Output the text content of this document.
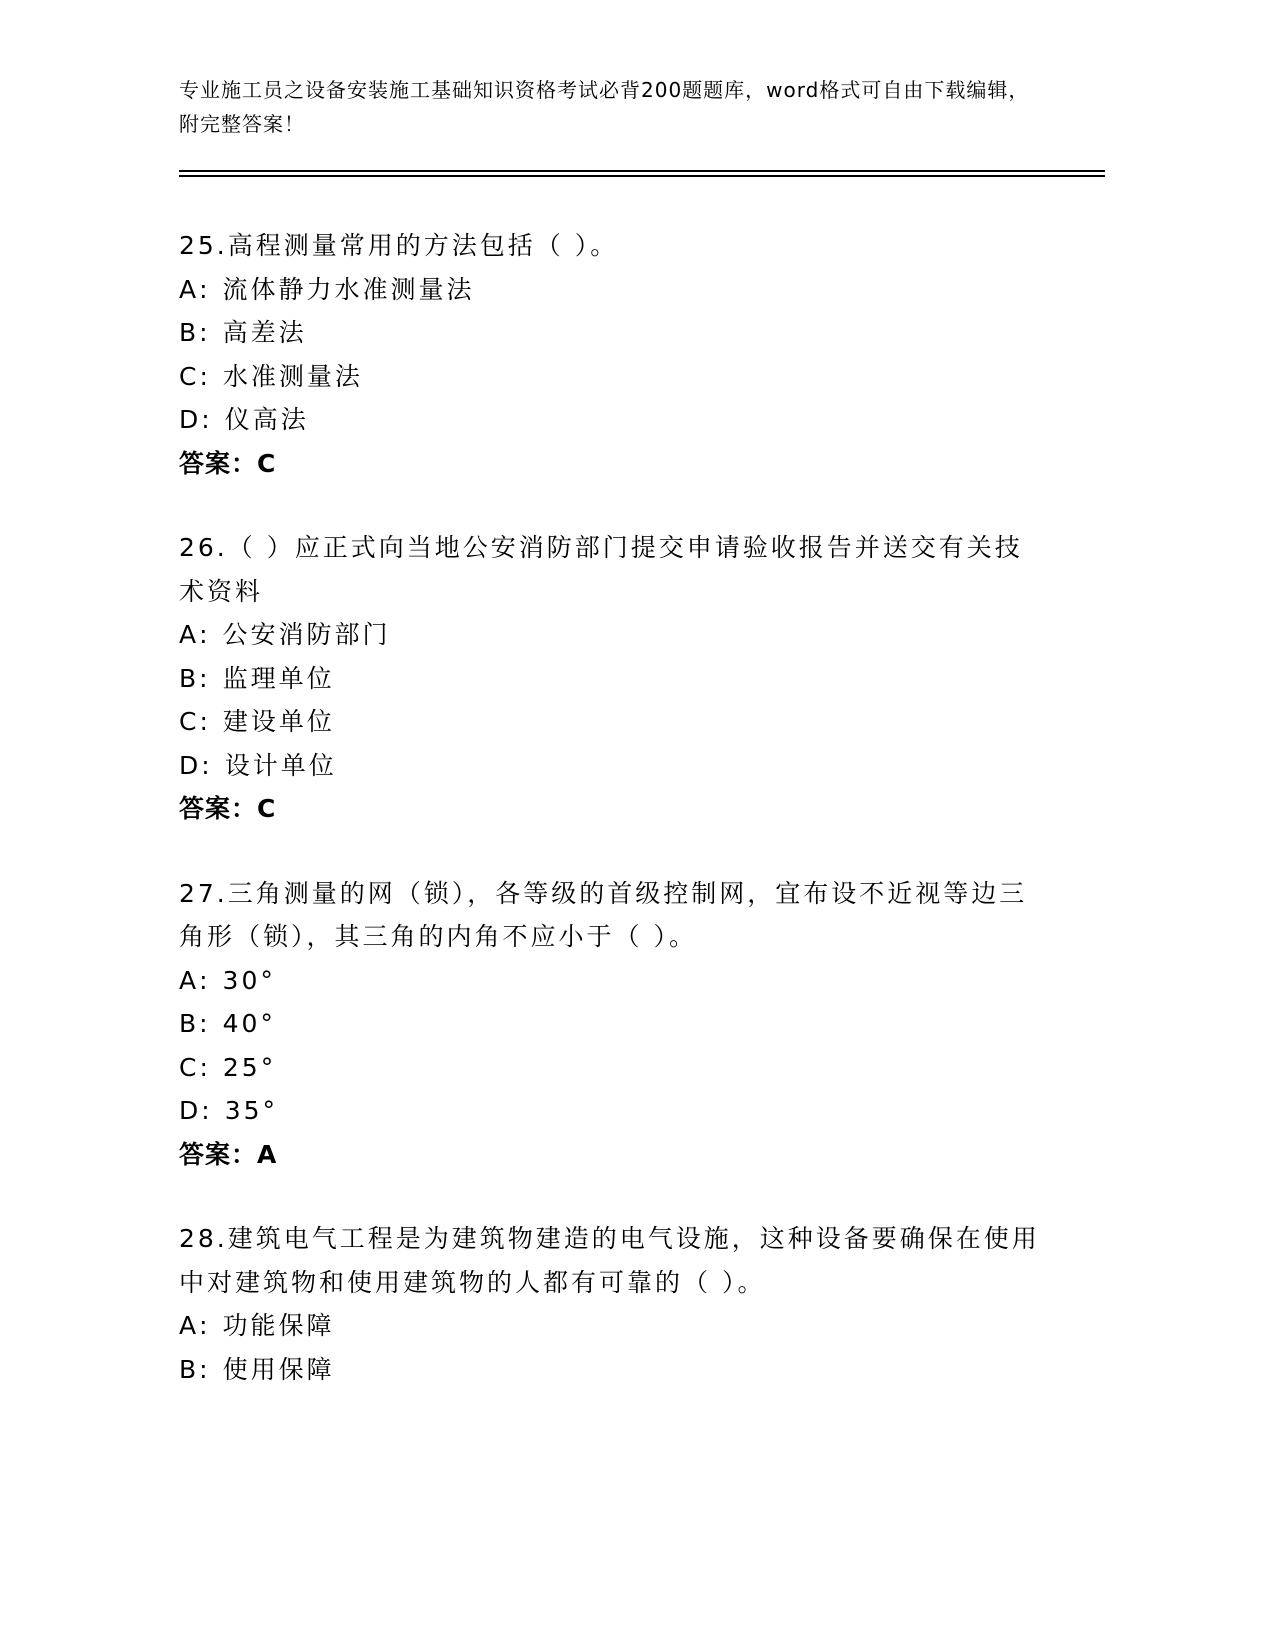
专业施工员之设备安装施工基础知识资格考试必背200题题库，word格式可自由下载编辑，附完整答案！
25.高程测量常用的方法包括（ ）。
A: 流体静力水准测量法
B: 高差法
C: 水准测量法
D: 仪高法
答案：C
26.（ ）应正式向当地公安消防部门提交申请验收报告并送交有关技术资料
A: 公安消防部门
B: 监理单位
C: 建设单位
D: 设计单位
答案：C
27.三角测量的网（锁），各等级的首级控制网，宜布设不近视等边三角形（锁），其三角的内角不应小于（ ）。
A: 30°
B: 40°
C: 25°
D: 35°
答案：A
28.建筑电气工程是为建筑物建造的电气设施，这种设备要确保在使用中对建筑物和使用建筑物的人都有可靠的（ ）。
A: 功能保障
B: 使用保障
